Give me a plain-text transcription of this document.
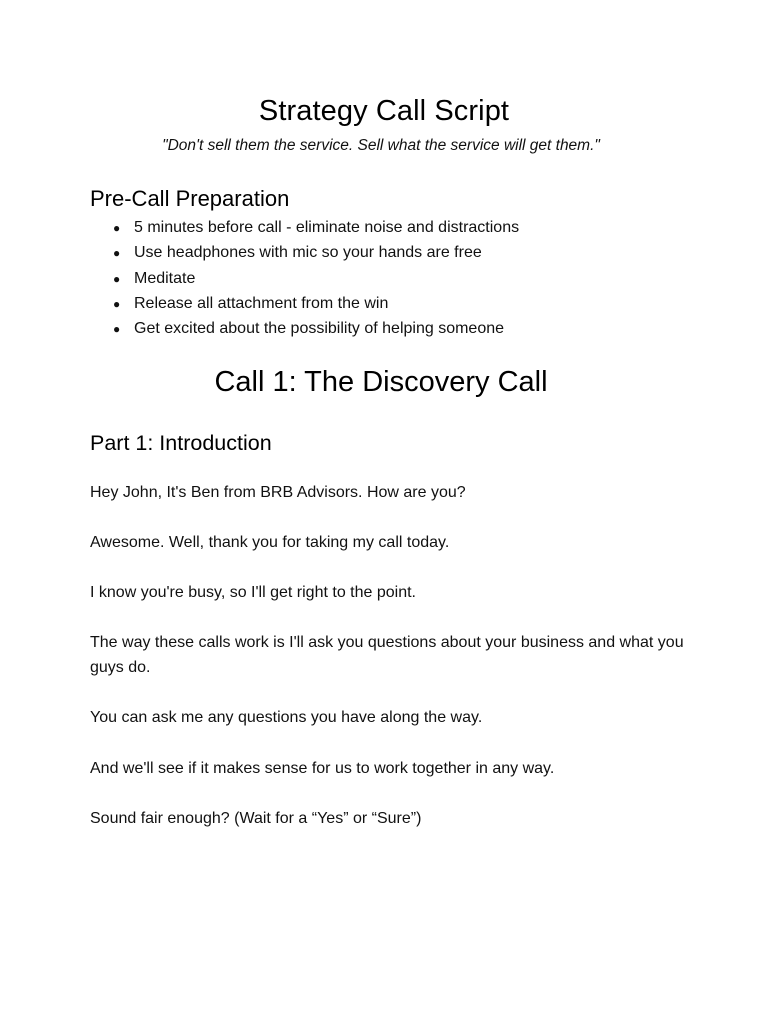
Strategy Call Script

"Don't sell them the service. Sell what the service will get them."

Pre-Call Preparation
● 5 minutes before call - eliminate noise and distractions
● Use headphones with mic so your hands are free
● Meditate
● Release all attachment from the win
● Get excited about the possibility of helping someone
Call 1: The Discovery Call
Part 1: Introduction

Hey John, It's Ben from BRB Advisors. How are you?

Awesome. Well, thank you for taking my call today.

I know you're busy, so I'll get right to the point.

The way these calls work is I'll ask you questions about your business and what you guys do.

You can ask me any questions you have along the way.

And we'll see if it makes sense for us to work together in any way.

Sound fair enough? (Wait for a “Yes” or “Sure”)
